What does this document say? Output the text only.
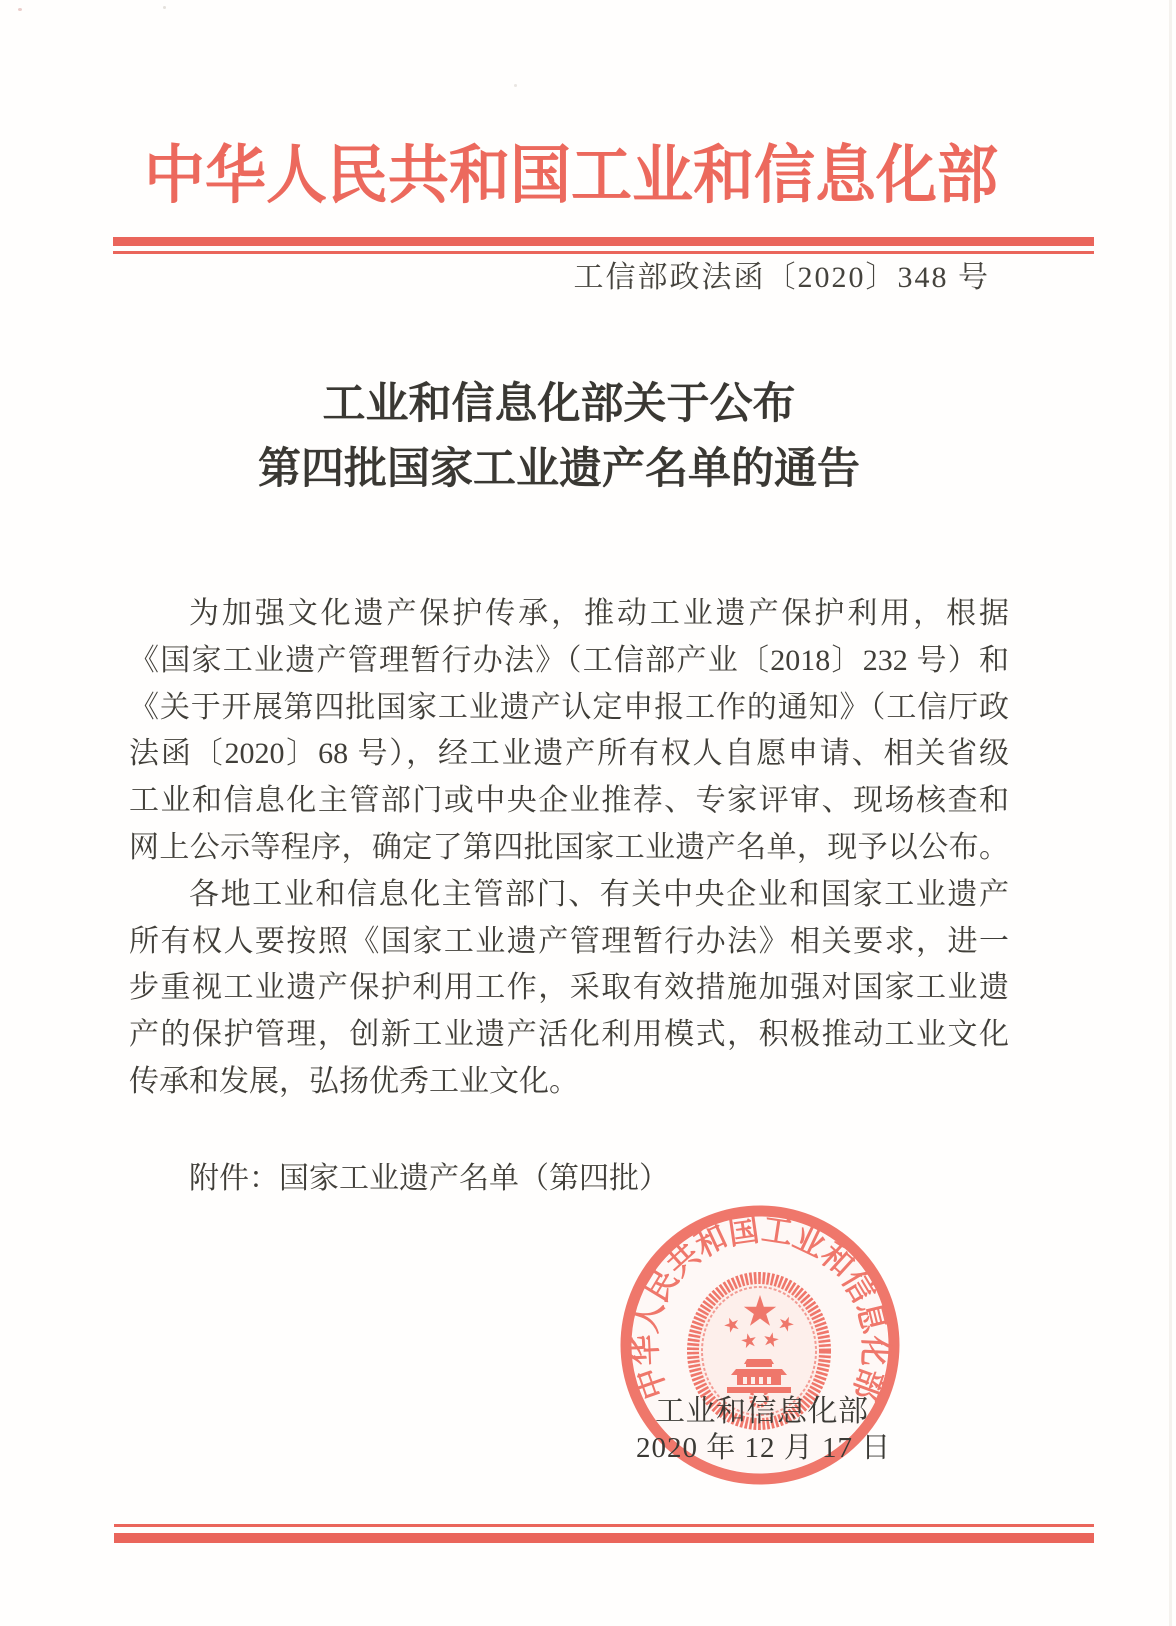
中华人民共和国工业和信息化部
工信部政法函〔2020〕348 号
工业和信息化部关于公布
第四批国家工业遗产名单的通告
为加强文化遗产保护传承，推动工业遗产保护利用，根据
《国家工业遗产管理暂行办法》（工信部产业〔2018〕232 号）和
《关于开展第四批国家工业遗产认定申报工作的通知》（工信厅政
法函〔2020〕68 号），经工业遗产所有权人自愿申请、相关省级
工业和信息化主管部门或中央企业推荐、专家评审、现场核查和
网上公示等程序，确定了第四批国家工业遗产名单，现予以公布。
各地工业和信息化主管部门、有关中央企业和国家工业遗产
所有权人要按照《国家工业遗产管理暂行办法》相关要求，进一
步重视工业遗产保护利用工作，采取有效措施加强对国家工业遗
产的保护管理，创新工业遗产活化利用模式，积极推动工业文化
传承和发展，弘扬优秀工业文化。
附件：国家工业遗产名单（第四批）
中华人民共和国工业和信息化部
工业和信息化部
2020 年 12 月 17 日
